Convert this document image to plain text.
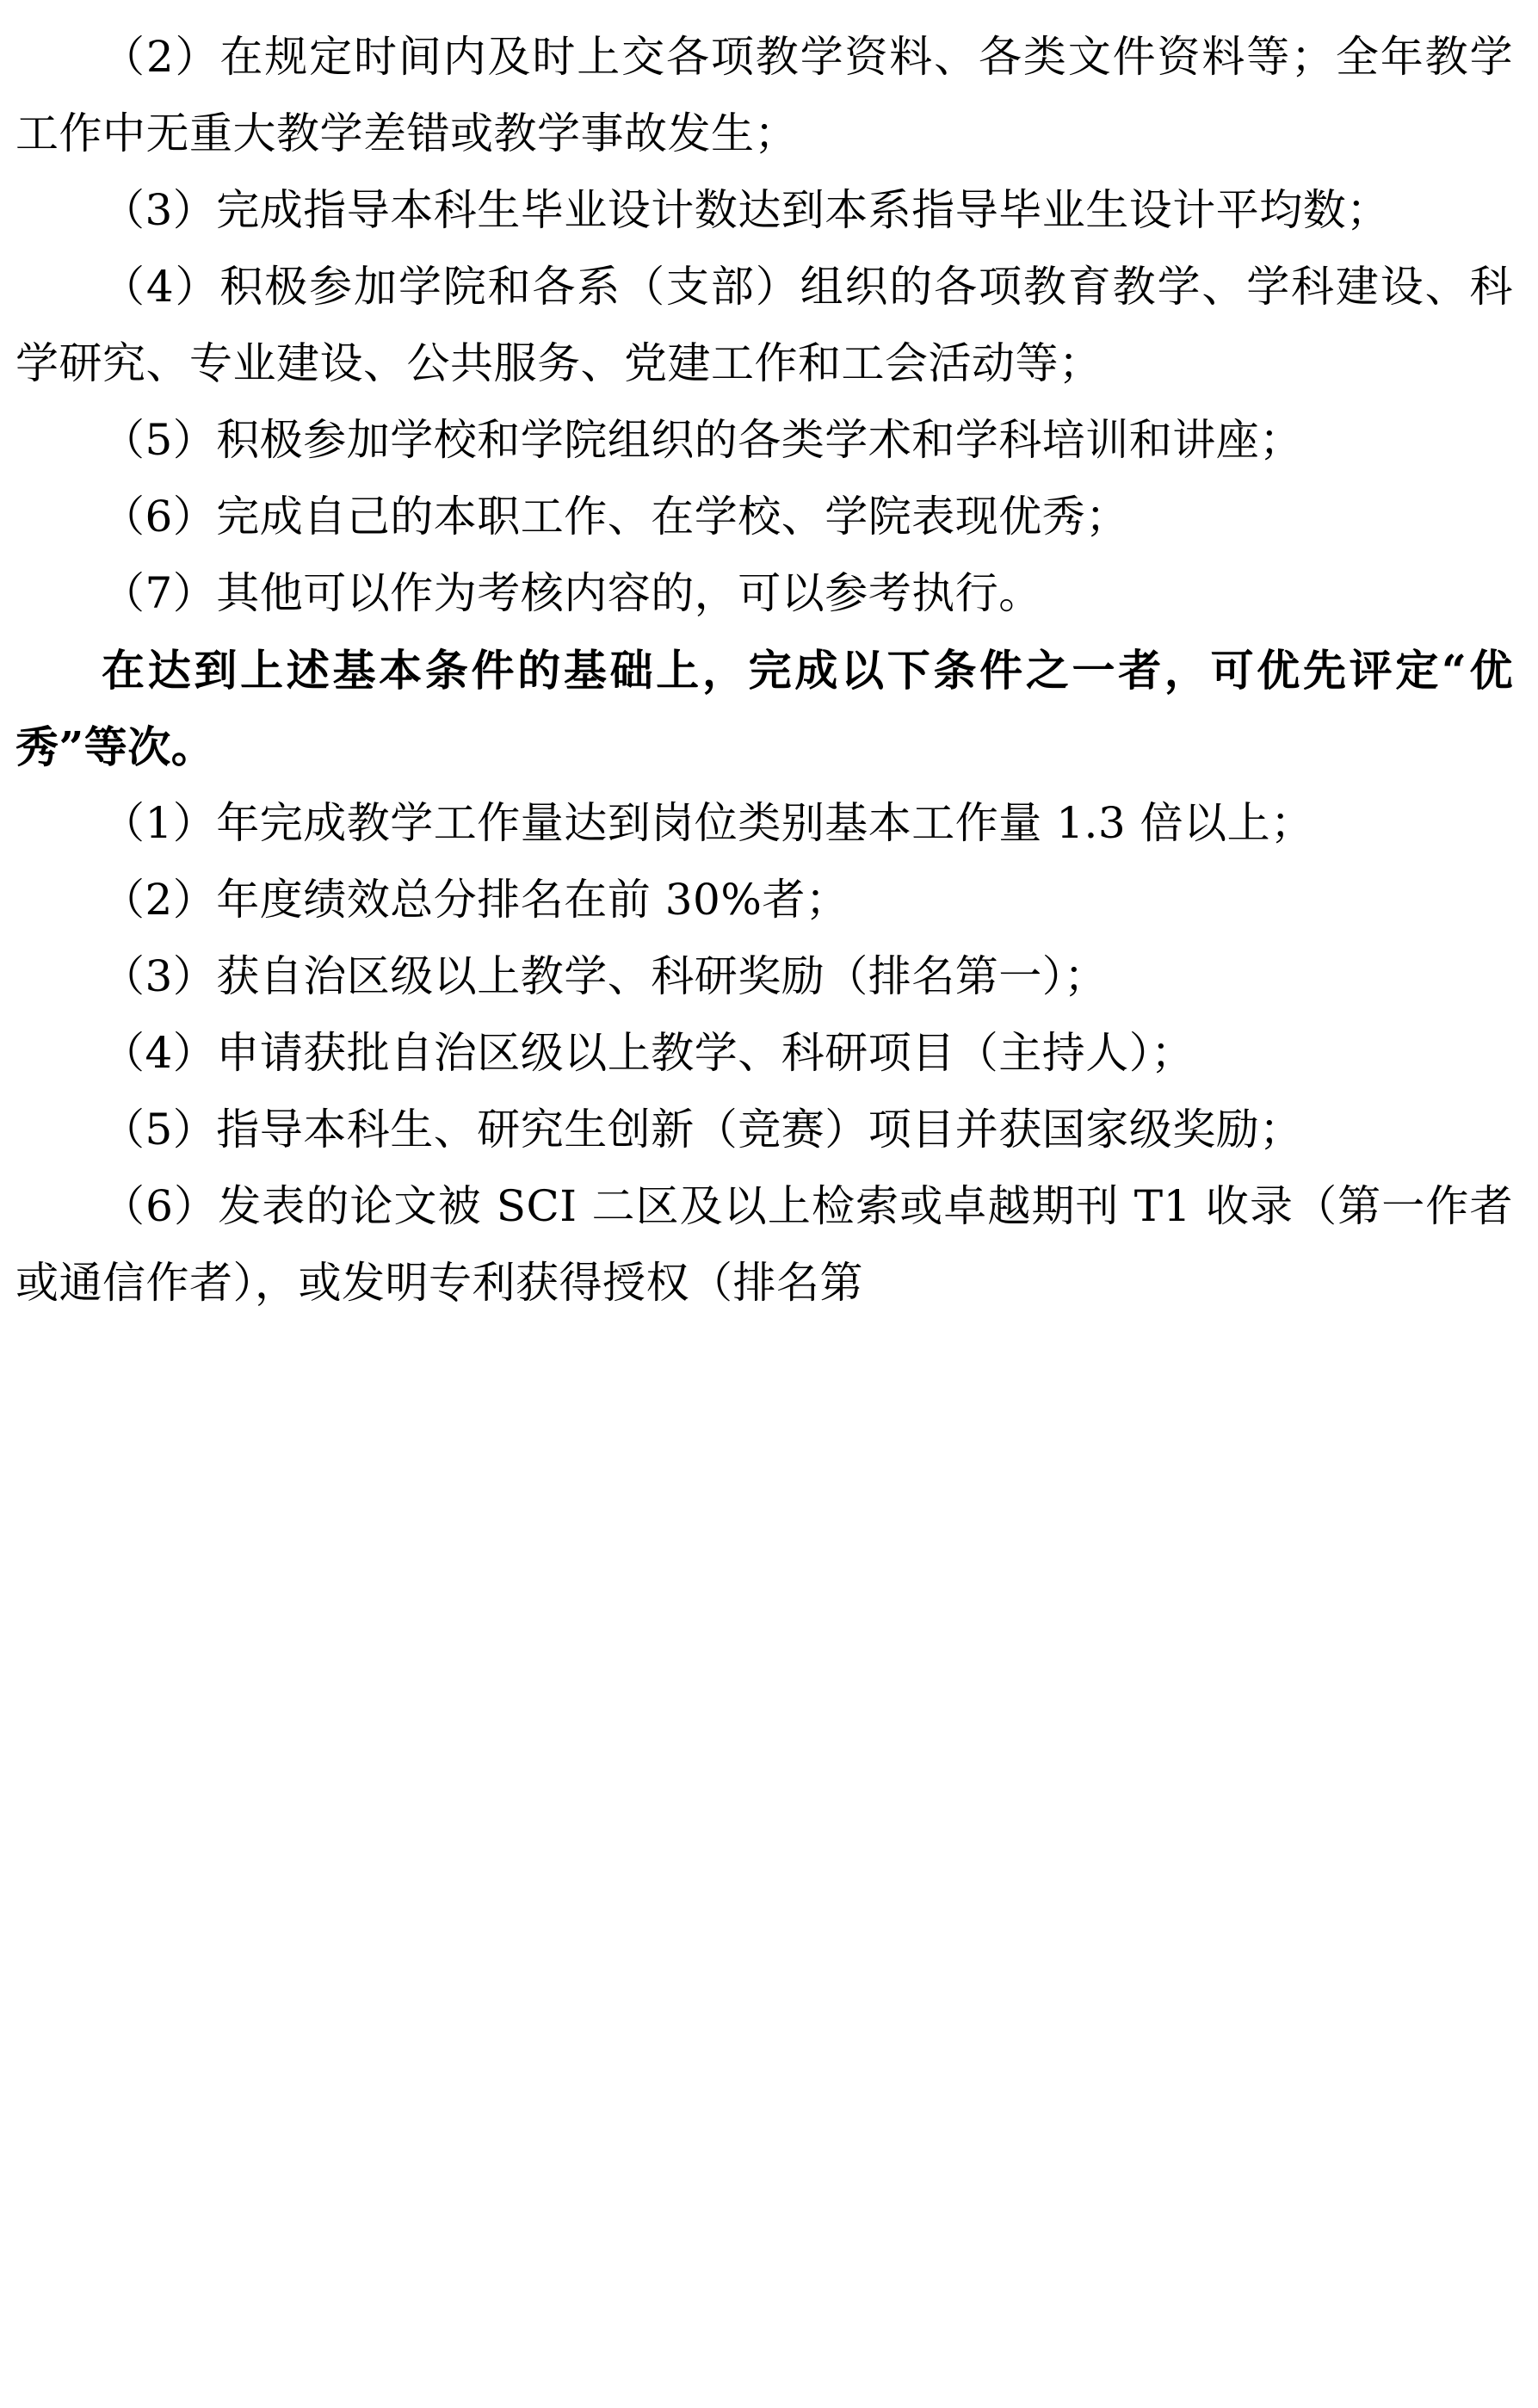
（2）在规定时间内及时上交各项教学资料、各类文件资料等；全年教学工作中无重大教学差错或教学事故发生；

（3）完成指导本科生毕业设计数达到本系指导毕业生设计平均数；

（4）积极参加学院和各系（支部）组织的各项教育教学、学科建设、科学研究、专业建设、公共服务、党建工作和工会活动等；

（5）积极参加学校和学院组织的各类学术和学科培训和讲座；

（6）完成自己的本职工作、在学校、学院表现优秀；

（7）其他可以作为考核内容的，可以参考执行。

在达到上述基本条件的基础上，完成以下条件之一者，可优先评定“优秀”等次。

（1）年完成教学工作量达到岗位类别基本工作量 1.3 倍以上；

（2）年度绩效总分排名在前 30%者；

（3）获自治区级以上教学、科研奖励（排名第一）；

（4）申请获批自治区级以上教学、科研项目（主持人）；

（5）指导本科生、研究生创新（竞赛）项目并获国家级奖励；

（6）发表的论文被 SCI 二区及以上检索或卓越期刊 T1 收录（第一作者或通信作者），或发明专利获得授权（排名第
